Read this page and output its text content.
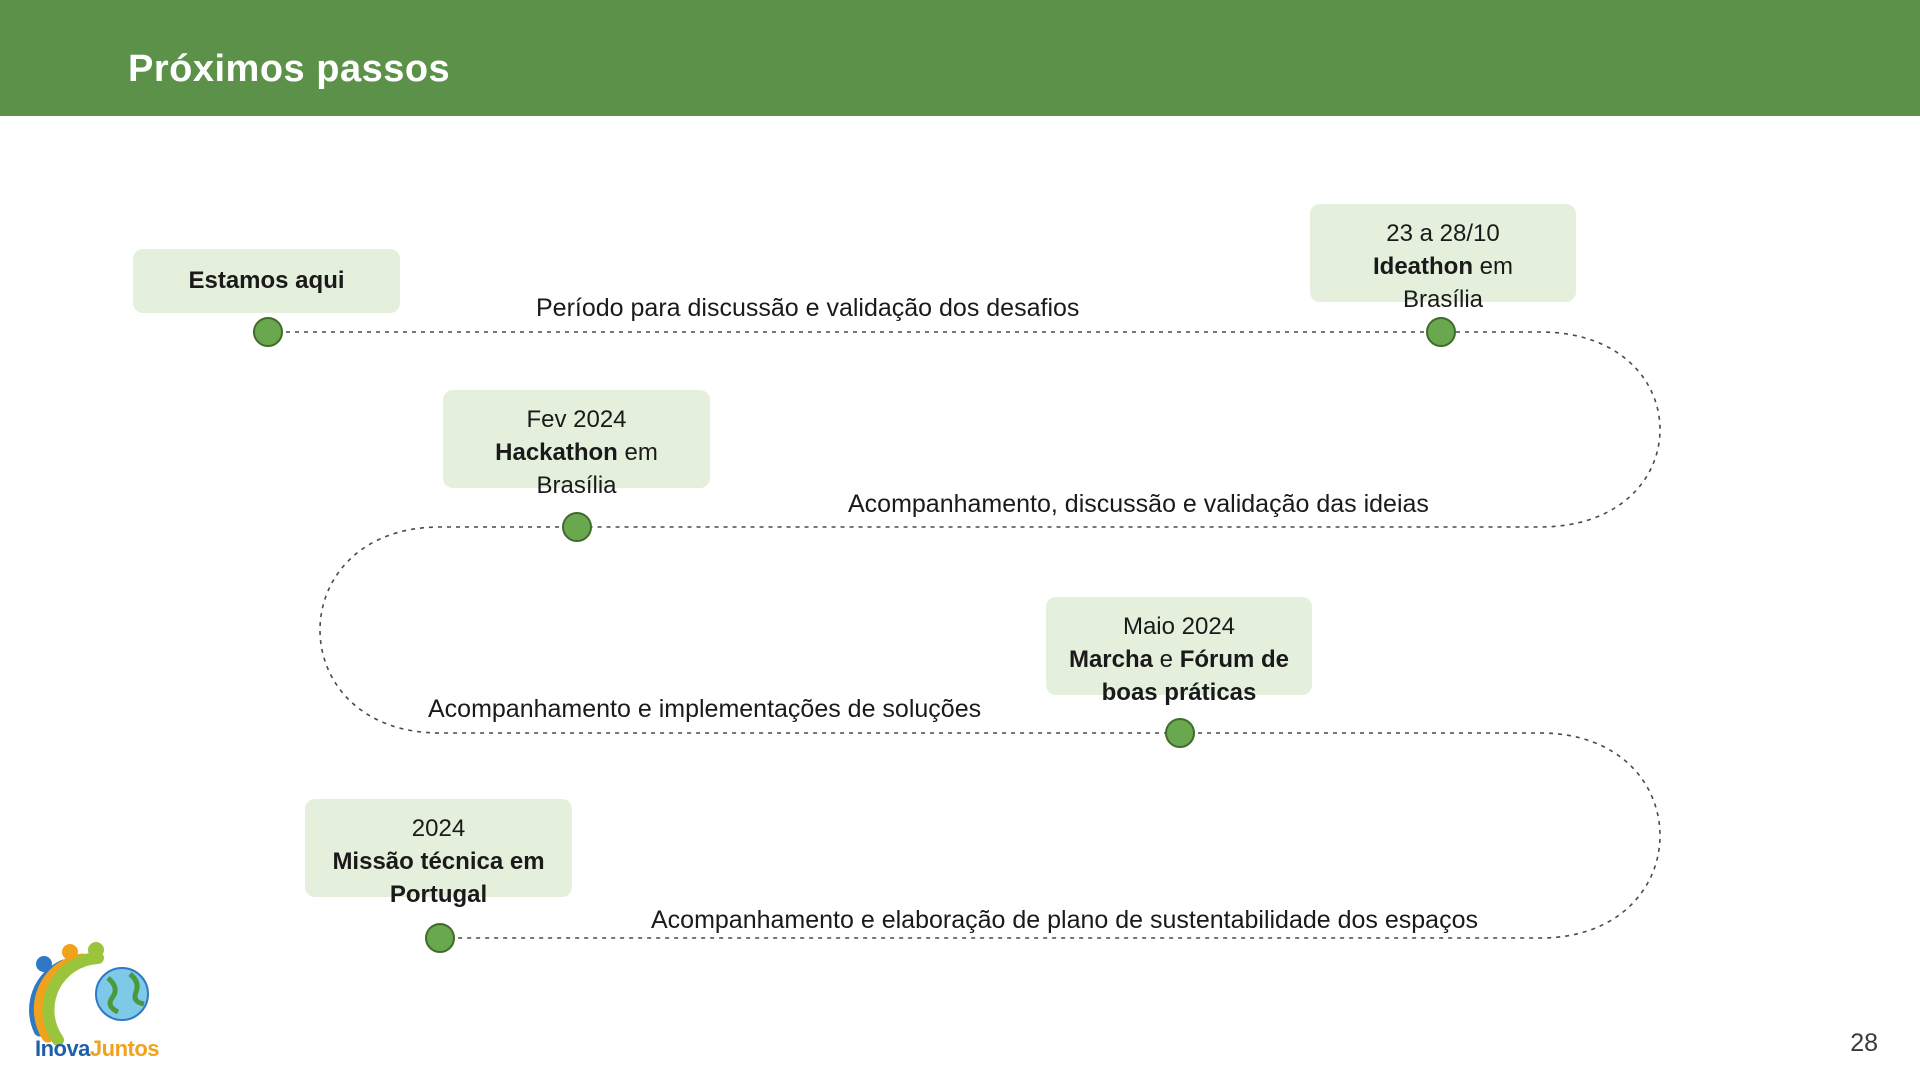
Próximos passos
Estamos aqui
23 a 28/10
Ideathon em
Brasília
Fev 2024
Hackathon em
Brasília
Maio 2024
Marcha e Fórum de
boas práticas
2024
Missão técnica em
Portugal
Período para discussão e validação dos desafios
Acompanhamento, discussão e validação das ideias
Acompanhamento e implementações de soluções
Acompanhamento e elaboração de plano de sustentabilidade dos espaços
InovaJuntos	28
